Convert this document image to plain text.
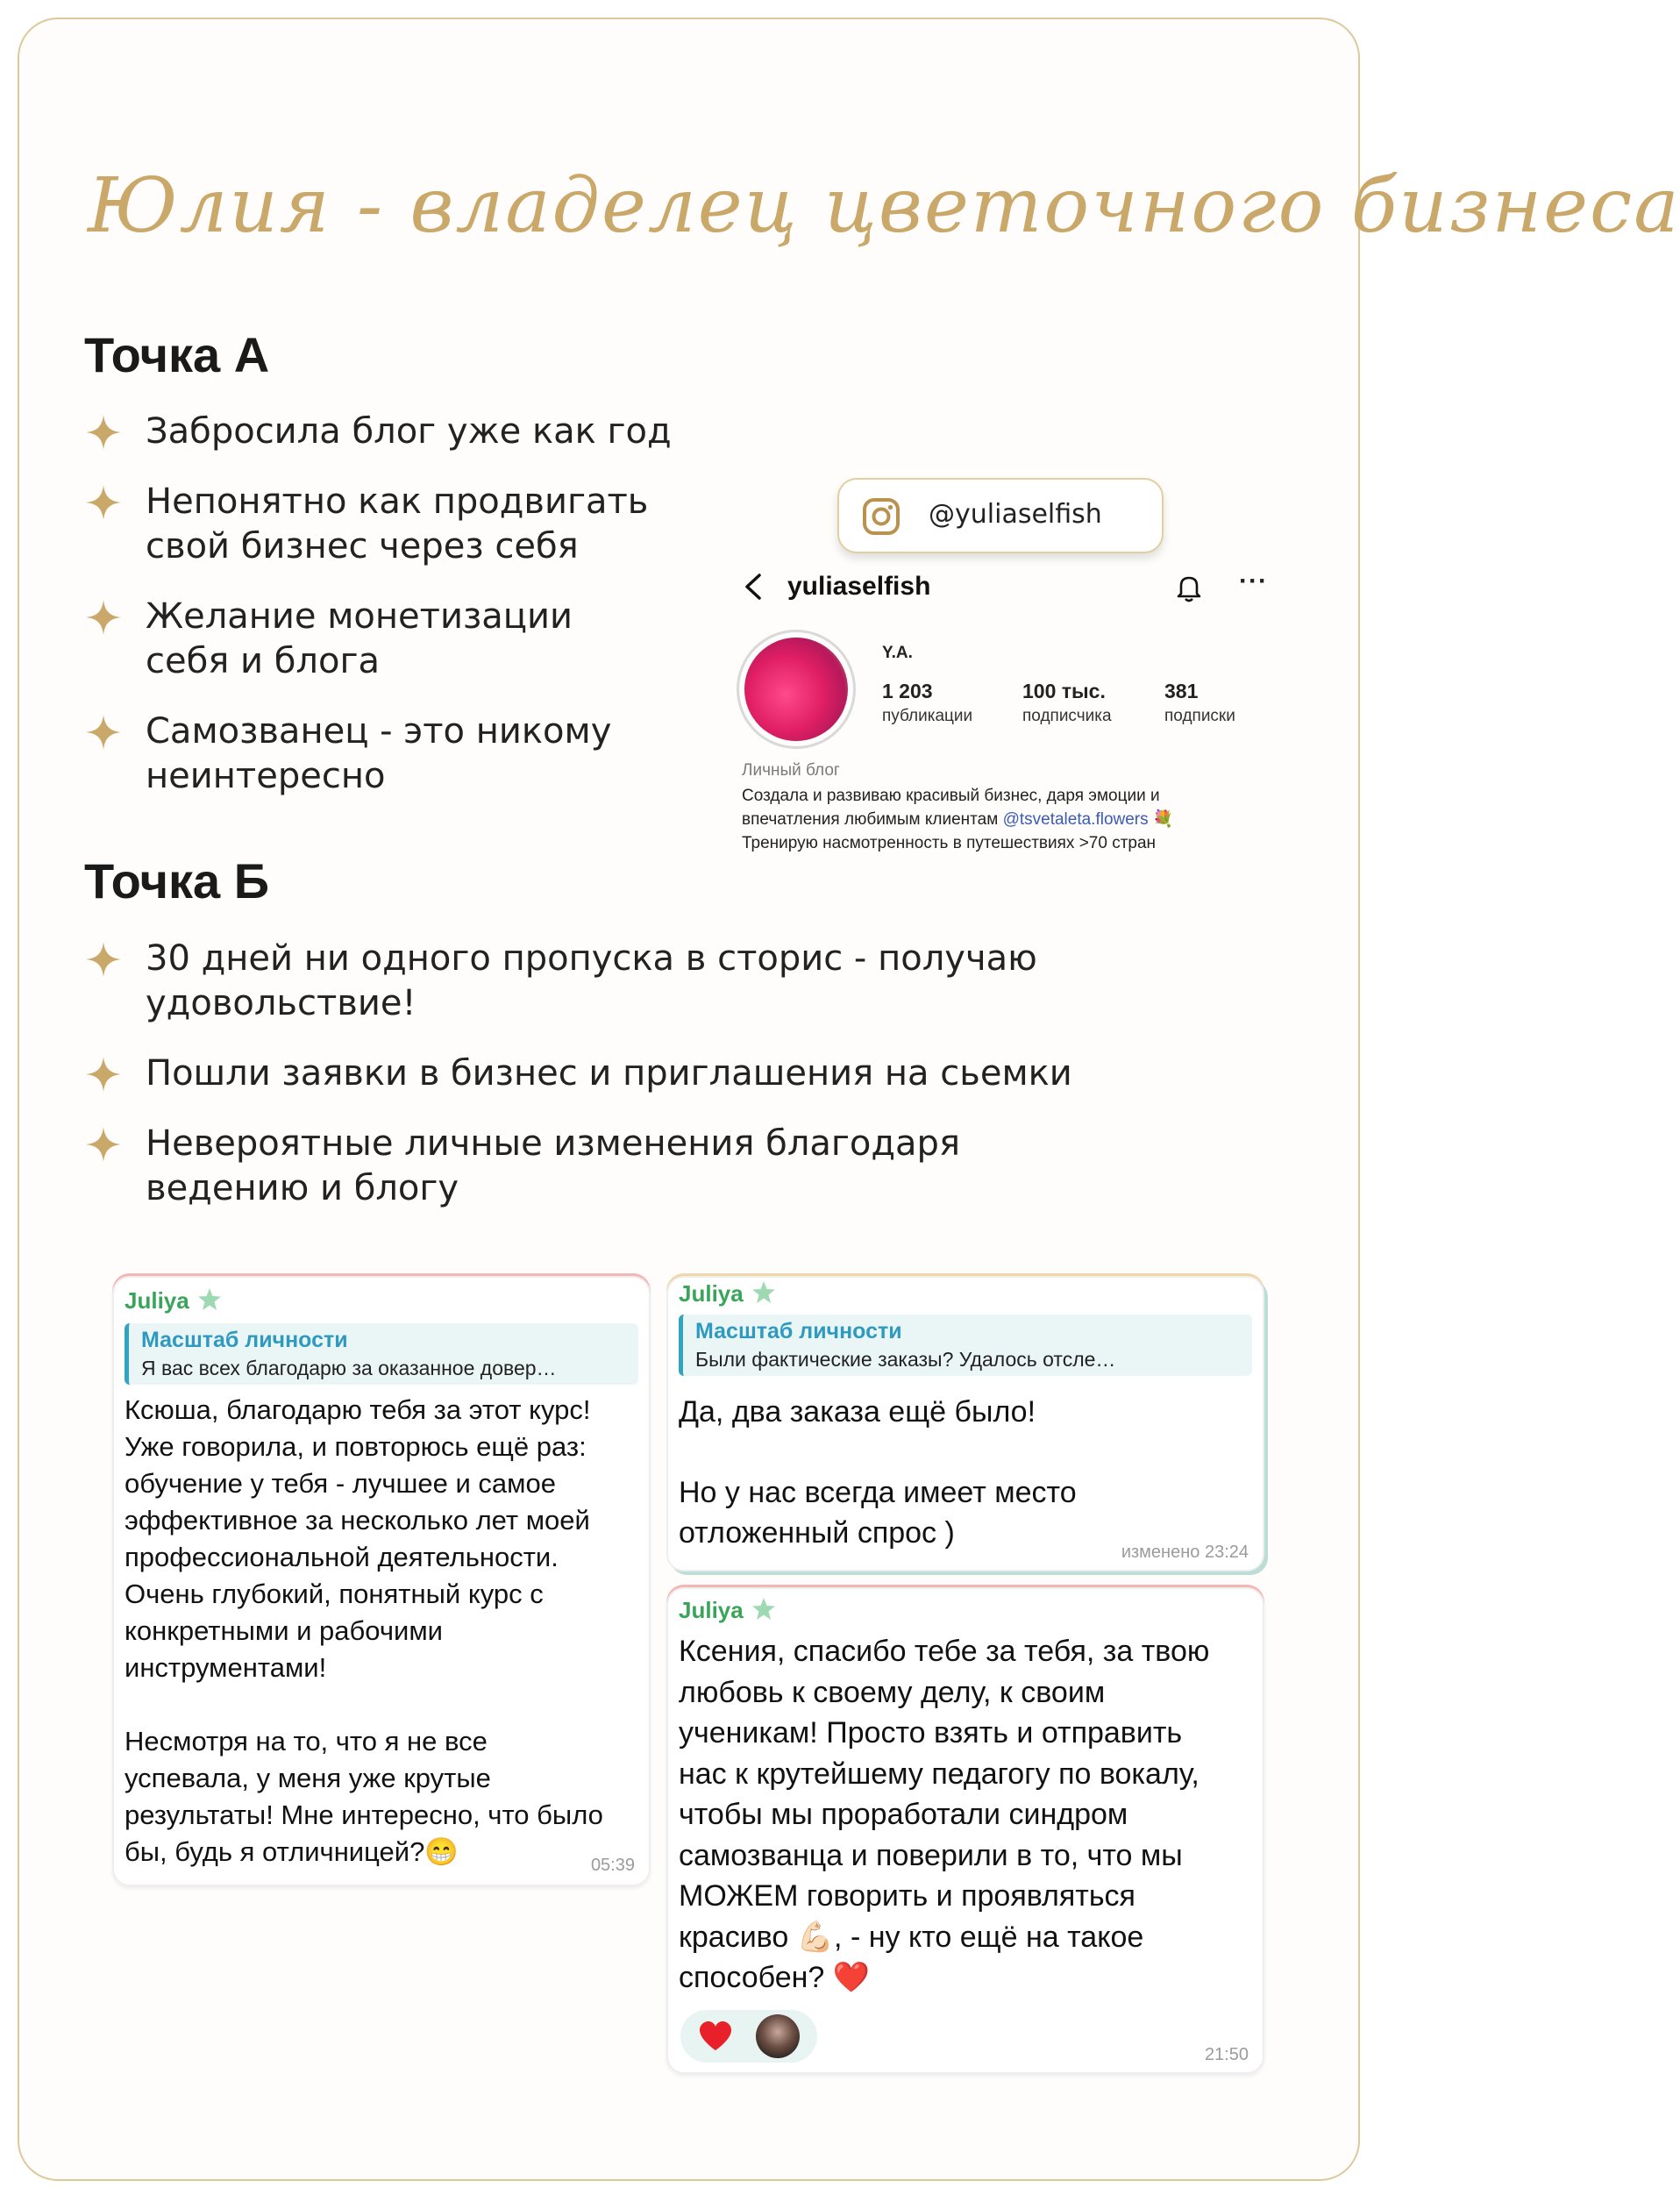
Юлия - владелец цветочного бизнеса
Точка А
Забросила блог уже как год
Непонятно как продвигать
свой бизнес через себя
Желание монетизации
себя и блога
Самозванец - это никому
неинтересно
@yuliaselfish
yuliaselfish	···
Y.A.
1 203
публикации
100 тыс.
подписчика
381
подписки
Личный блог
Создала и развиваю красивый бизнес, даря эмоции и
впечатления любимым клиентам @tsvetaleta.flowers 💐
Тренирую насмотренность в путешествиях >70 стран
Точка Б
30 дней ни одного пропуска в сторис - получаю
удовольствие!
Пошли заявки в бизнес и приглашения на сьемки
Невероятные личные изменения благодаря
ведению и блогу
Juliya
Масштаб личности
Я вас всех благодарю за оказанное довер…
Ксюша, благодарю тебя за этот курс!
Уже говорила, и повторюсь ещё раз:
обучение у тебя - лучшее и самое
эффективное за несколько лет моей
профессиональной деятельности.
Очень глубокий, понятный курс с
конкретными и рабочими
инструментами!

Несмотря на то, что я не все
успевала, у меня уже крутые
результаты! Мне интересно, что было
бы, будь я отличницей?😁	05:39
Juliya
Масштаб личности
Были фактические заказы? Удалось отсле…
Да, два заказа ещё было!

Но у нас всегда имеет место
отложенный спрос )
изменено 23:24
Juliya
Ксения, спасибо тебе за тебя, за твою
любовь к своему делу, к своим
ученикам! Просто взять и отправить
нас к крутейшему педагогу по вокалу,
чтобы мы проработали синдром
самозванца и поверили в то, что мы
МОЖЕМ говорить и проявляться
красиво 💪🏻, - ну кто ещё на такое
способен? ❤️
21:50
